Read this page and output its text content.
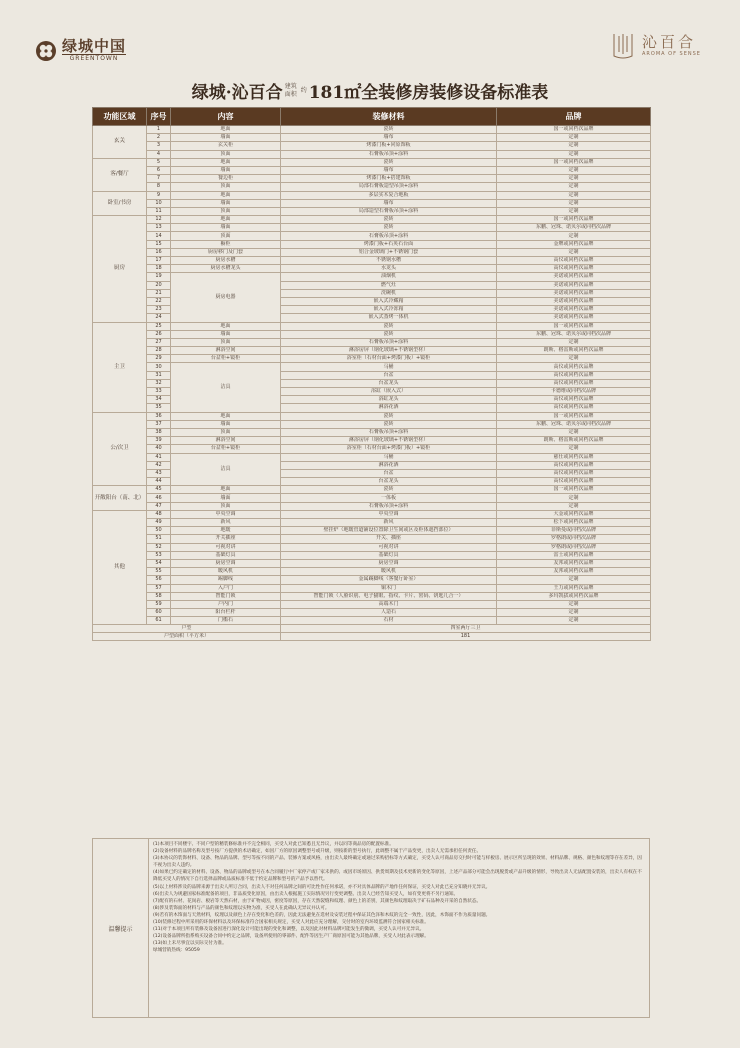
绿城中国
GREENTOWN
沁百合
AROMA OF SENSE
绿城·沁百合 建筑
面积
约 181㎡全装修房装修设备标准表
功能区域	序号	内容	装修材料	品牌
玄关	1	地面	瓷砖	国一或同档次品牌
	2	墙面	墙布	定制
	3	玄关柜	烤漆门板+同原饰板	定制
	4	顶面	石膏板吊顶+涂料	定制
客/餐厅	5	地面	瓷砖	国一或同档次品牌
	6	墙面	墙布	定制
	7	餐边柜	烤漆门板+搭建饰板	定制
	8	顶面	局部石膏板造型吊顶+涂料	定制
卧室/书房	9	地面	多层实木复合地板	定制
	10	墙面	墙布	定制
	11	顶面	局部造型石膏板吊顶+涂料	定制
厨房	12	地面	瓷砖	国一或同档次品牌
	13	墙面	瓷砖	东鹏、冠珠、诺贝尔或同档次品牌
	14	顶面	石膏板吊顶+涂料	定制
	15	橱柜	烤漆门板+石英石台面	金牌或同档次品牌
	16	厨房移门及门套	铝合金玻璃门+不锈钢门套	定制
	17	厨房水槽	不锈钢水槽	高仪或同档次品牌
	18	厨房水槽龙头	水龙头	高仪或同档次品牌
	19	厨房电器	油烟机	美诺或同档次品牌
	20		燃气灶	美诺或同档次品牌
	21		洗碗机	美诺或同档次品牌
	22		嵌入式冷藏箱	美诺或同档次品牌
	23		嵌入式冷冻箱	美诺或同档次品牌
	24		嵌入式蒸烤一体机	美诺或同档次品牌
主卫	25	地面	瓷砖	国一或同档次品牌
	26	墙面	瓷砖	东鹏、冠珠、诺贝尔或同档次品牌
	27	顶面	石膏板吊顶+涂料	定制
	28	淋浴空间	淋浴房屏（钢化玻璃+不锈钢型材）	朗斯、格雷斯或同档次品牌
	29	台盆柜+镜柜	浴室柜（石材台面+烤漆门板）+镜柜	定制
	30	洁具	马桶	高仪或同档次品牌
	31		台盆	高仪或同档次品牌
	32		台盆龙头	高仪或同档次品牌
	33		浴缸（嵌入式）	卡德维或同档次品牌
	34		浴缸龙头	高仪或同档次品牌
	35		淋浴花洒	高仪或同档次品牌
公/次卫	36	地面	瓷砖	国一或同档次品牌
	37	墙面	瓷砖	东鹏、冠珠、诺贝尔或同档次品牌
	38	顶面	石膏板吊顶+涂料	定制
	39	淋浴空间	淋浴房屏（钢化玻璃+不锈钢型材）	朗斯、格雷斯或同档次品牌
	40	台盆柜+镜柜	浴室柜（石材台面+烤漆门板）+镜柜	定制
	41	洁具	马桶	慈仕或同档次品牌
	42		淋浴花洒	高仪或同档次品牌
	43		台盆	高仪或同档次品牌
	44		台盆龙头	高仪或同档次品牌
开敞阳台（南、北）	45	地面	瓷砖	国一或同档次品牌
	46	墙面	一体板	定制
	47	顶面	石膏板吊顶+涂料	定制
其他	48	中央空调	中央空调	大金或同档次品牌
	49	新风	新风	松下或同档次品牌
	50	地暖	壁挂炉（地暖管道铺设位置除卫生间或区及柜体遮挡部位）	菲斯曼或同档次品牌
	51	开关插座	开关、插座	罗格朗或同档次品牌
	52	可视对讲	可视对讲	罗格朗或同档次品牌
	53	基础灯具	基础灯具	雷士或同档次品牌
	54	厨房空调	厨房空调	友邦或同档次品牌
	55	暖风机	暖风机	友邦或同档次品牌
	56	踢脚线	金属踢脚线（客餐厅卧室）	定制
	57	入户门	铜木门	王力或同档次品牌
	58	智能门锁	智能门锁（人脸识别、电子猫眼、指纹、卡片、密码、钥匙几合一）	多玛凯拔或同档次品牌
	59	户内门	高端木门	定制
	60	阳台栏杆	人造石	定制
	61	门槛石	石材	定制
户型			四室两厅三卫	
户型面积（平方米）			181	
温馨提示

(1)本项目不同楼宇、不同户型的精装修标准并不完全相同，买受人对此已知悉且无异议，并以同等商品房的配置标准。

(2)设备材料的品牌名称及型号按厂方提供的术语确定，如因厂方的原因调整型号或升级，则按新的型号执行，此调整不属于产品变更，出卖人无需承担任何责任。

(3)本协议的装饰材料、设备、物品的品牌、型号等按不同的产品、装修方案或风格，由出卖人最终确定或通过采购招标等方式确定，买受人认可商品房交付时可能与样板房、展示区所呈现的效果、材料品牌、规格、颜色和纹理等存在差异，因不视为出卖人违约。

(4)如果已约定确定的材料、设备、物品的品牌或型号在本合同履行中厂家停产或厂家未供的、或因市场原因、供货周期及技术更新的变化等原因，上述产品部分可能会出现脱货或产品升级的情形，导致出卖人无法配置安装的，出卖人有权在不降低买受人的情况下自行选择品牌或品质标准不低于约定品牌和型号的产品予以替代。

(5)以上材料涉及的品牌来源于出卖人所订合同，出卖人不对任何品牌之间的可比性作任何承诺，亦不对具体品牌的产地作任何保证，买受人对此已充分知晓并无异议。

(6)出卖人为规避国家标准配备的项目，非品质变化原因，由出卖人根据施工实际情况另行变更调整。出卖人已经告知买受人，如有变更将不另行通知。

(7)配有的石材、花岗岩、板岩等天然石材，由于矿物成因，密度等原因，存在天然裂缝和纹理、颜色上的差别，其颜色和纹理取决于矿石品种及开采的自然状态。

(8)涉及装饰面的材料与产品的颜色和纹理以实物为准，买受人在此确认无异议并认可。

(9)若有的木饰面与天然材料，纹理以及颜色上存在变化和色差的，因此无法避免在选材及安装过程中保证其色泽和木纹的完全一致性，因此，木饰面不作为质量问题。

(10)装修过程中所采用的环保材料以及环保标准符合国家相关规定，买受人对此应充分理解，交付时的室内环境监测符合国家相关标准。

(11)对于本项目所有装修及设备因进行深化设计可能出现的变化和调整，以及因此对材料品牌可能发生的微调，买受人认可并无异议。

(12)设备品牌所指系购买设备合同中约定之品牌，设备所使用的零部件、配件等因生产厂商原因可能为其他品牌，买受人对此表示理解。

(13)如上未尽事宜以实际交付为准。

绿城营销热线：95059
